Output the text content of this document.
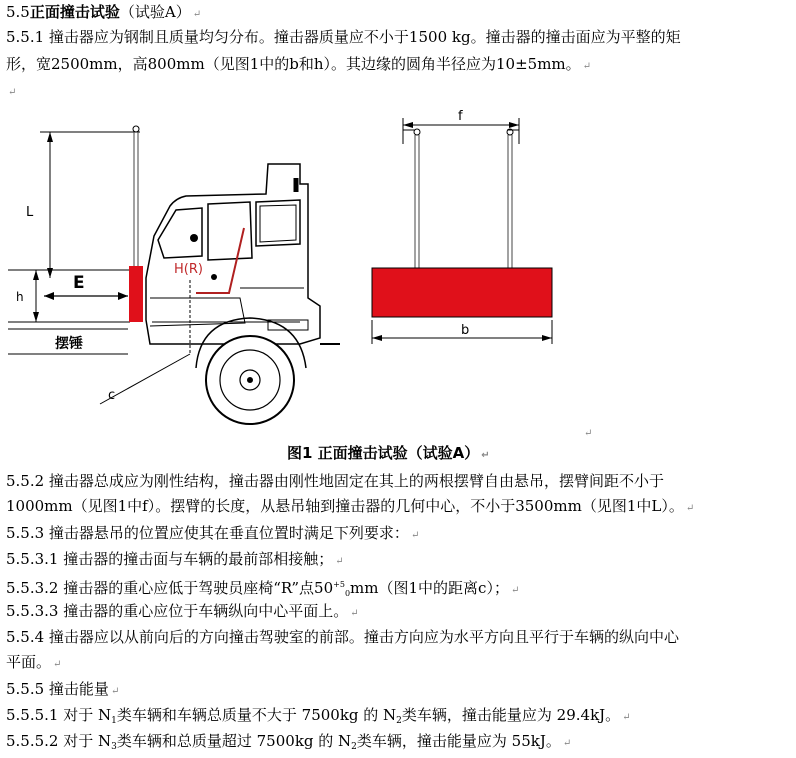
5.5正面撞击试验（试验A） ↵
5.5.1 撞击器应为钢制且质量均匀分布。撞击器质量应不小于1500 kg。撞击器的撞击面应为平整的矩
形，宽2500mm，高800mm（见图1中的b和h）。其边缘的圆角半径应为10±5mm。 ↵
↵
L
E
h
摆锤
H(R)
c
f
b
↵
图1 正面撞击试验（试验A） ↵
5.5.2 撞击器总成应为刚性结构，撞击器由刚性地固定在其上的两根摆臂自由悬吊，摆臂间距不小于
1000mm（见图1中f）。摆臂的长度，从悬吊轴到撞击器的几何中心，不小于3500mm（见图1中L）。 ↵
5.5.3 撞击器悬吊的位置应使其在垂直位置时满足下列要求： ↵
5.5.3.1 撞击器的撞击面与车辆的最前部相接触； ↵
5.5.3.2 撞击器的重心应低于驾驶员座椅“R”点$50^{+5}_0mm$（图1中的距离c）； ↵
5.5.3.3 撞击器的重心应位于车辆纵向中心平面上。 ↵
5.5.4 撞击器应以从前向后的方向撞击驾驶室的前部。撞击方向应为水平方向且平行于车辆的纵向中心
平面。 ↵
5.5.5 撞击能量 ↵
5.5.5.1 对于 $N_1$类车辆和车辆总质量不大于 7500kg 的 $N_2$类车辆，撞击能量应为 29.4kJ。 ↵
5.5.5.2 对于 $N_3$类车辆和总质量超过 7500kg 的 $N_2$类车辆，撞击能量应为 55kJ。 ↵
